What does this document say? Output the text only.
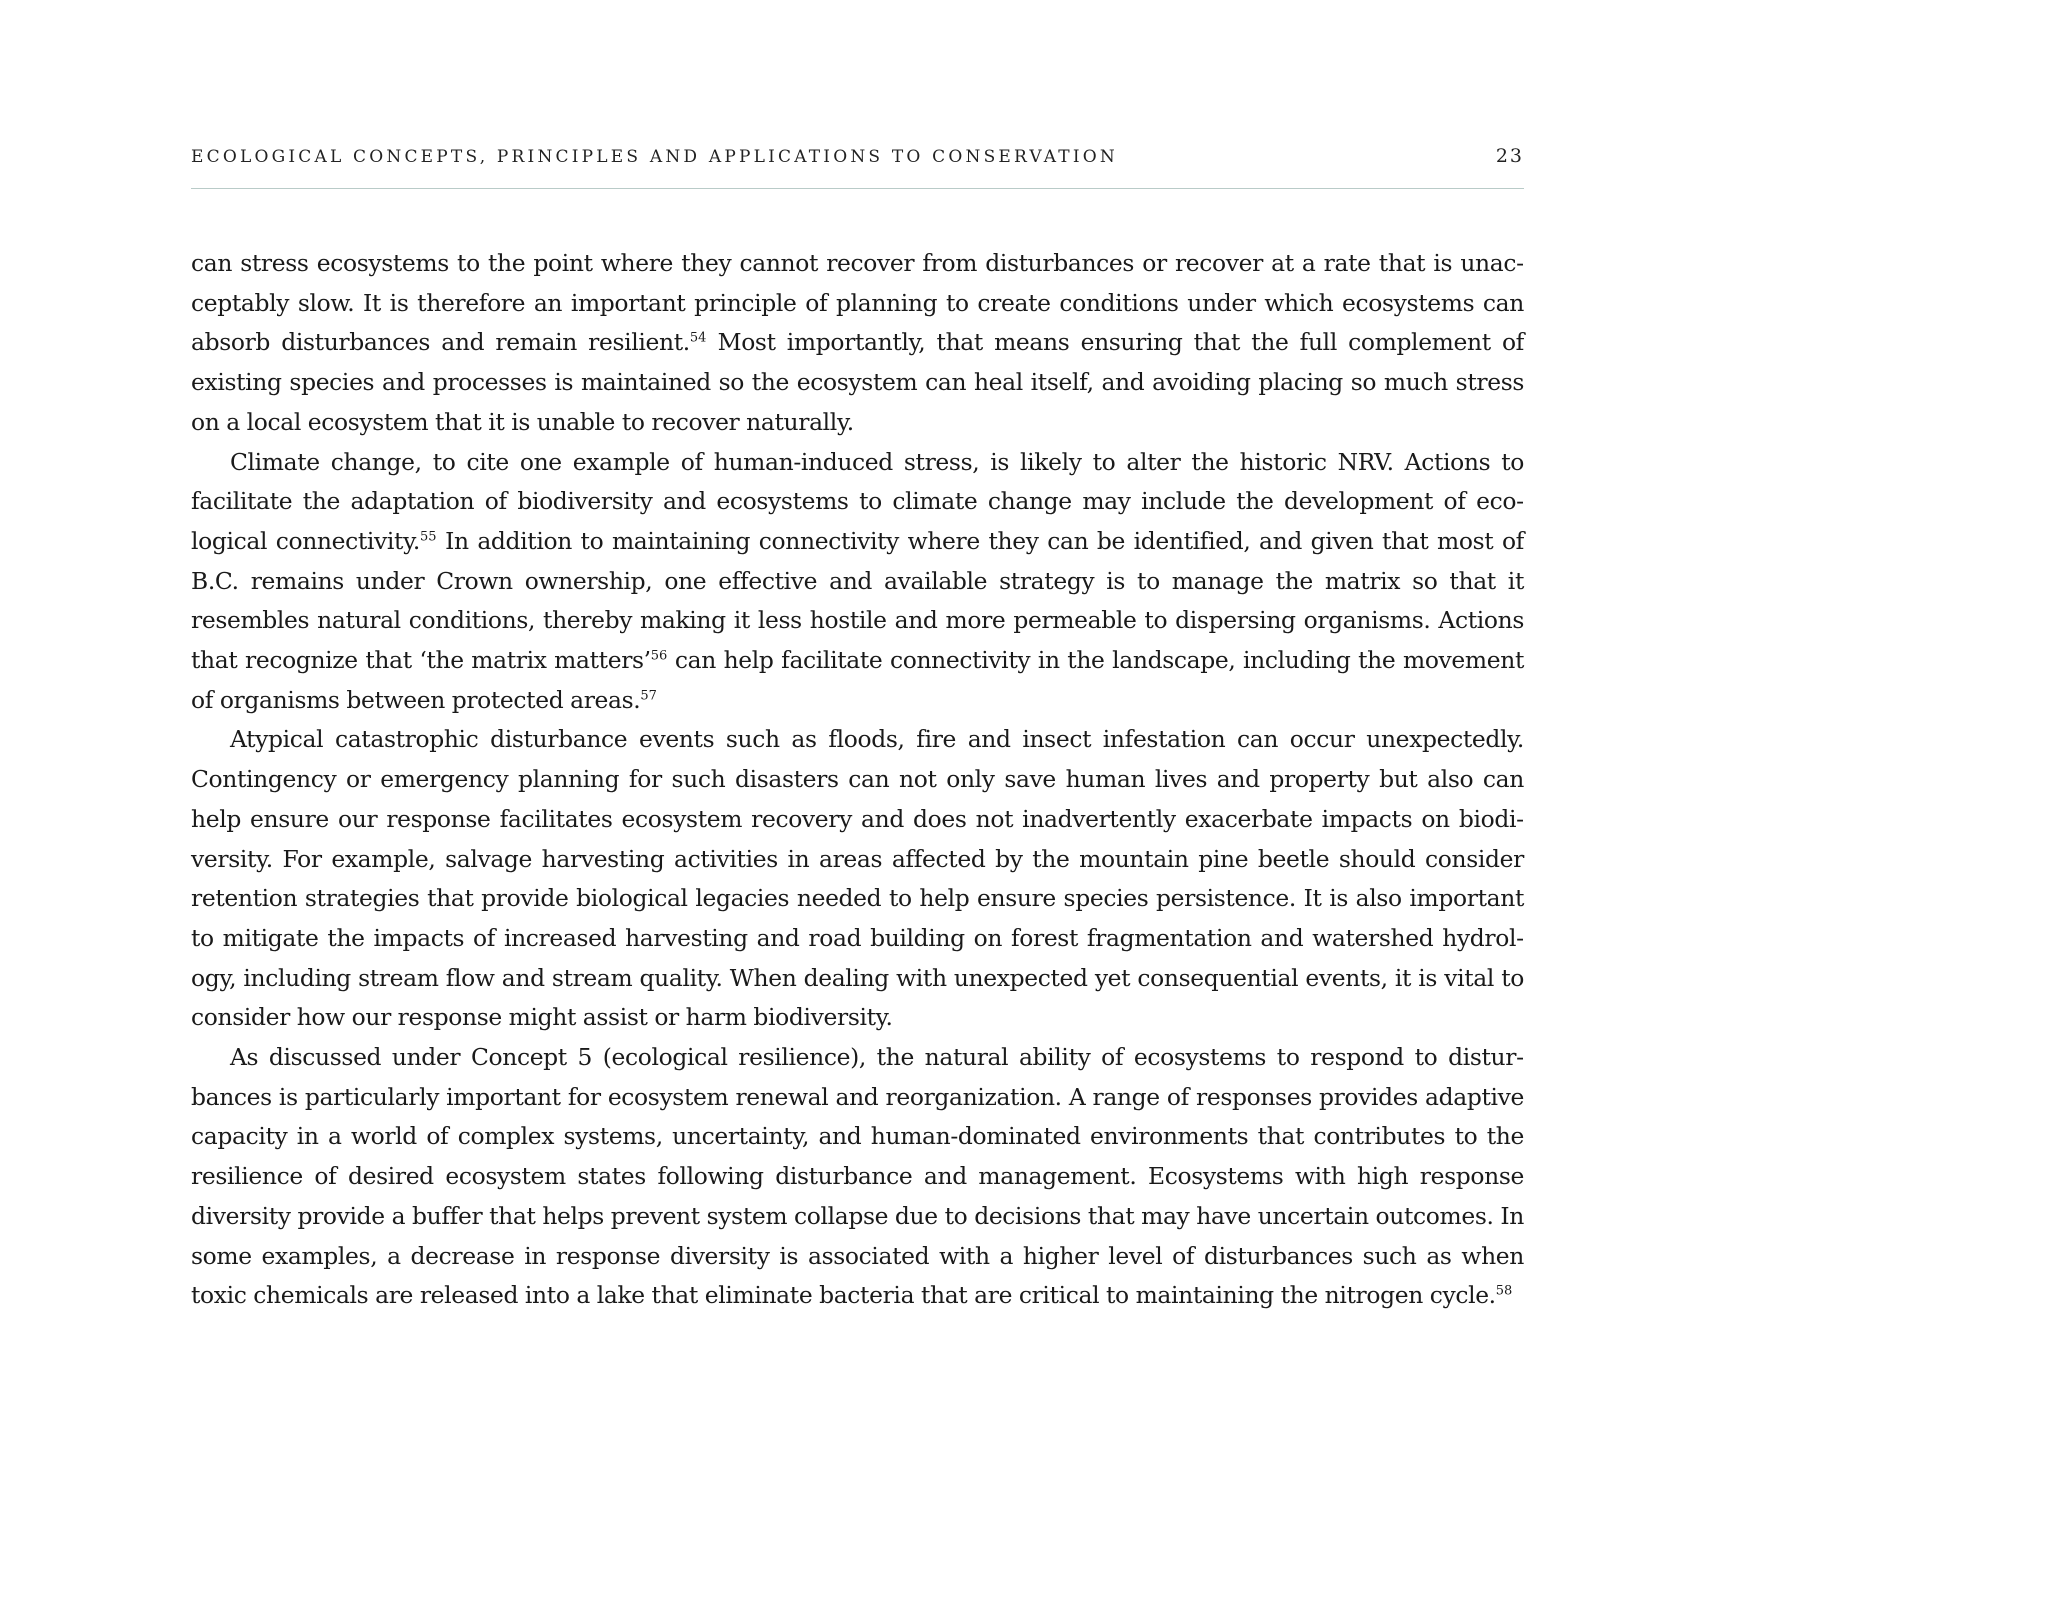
ECOLOGICAL CONCEPTS, PRINCIPLES AND APPLICATIONS TO CONSERVATION	23

can stress ecosystems to the point where they cannot recover from disturbances or recover at a rate that is unacceptably slow. It is therefore an important principle of planning to create conditions under which ecosystems can absorb disturbances and remain resilient.$^{54}$ Most importantly, that means ensuring that the full complement of existing species and processes is maintained so the ecosystem can heal itself, and avoiding placing so much stress on a local ecosystem that it is unable to recover naturally.

Climate change, to cite one example of human-induced stress, is likely to alter the historic NRV. Actions to facilitate the adaptation of biodiversity and ecosystems to climate change may include the development of ecological connectivity.$^{55}$ In addition to maintaining connectivity where they can be identified, and given that most of B.C. remains under Crown ownership, one effective and available strategy is to manage the matrix so that it resembles natural conditions, thereby making it less hostile and more permeable to dispersing organisms. Actions that recognize that ‘the matrix matters’$^{56}$ can help facilitate connectivity in the landscape, including the movement of organisms between protected areas.$^{57}$

Atypical catastrophic disturbance events such as floods, fire and insect infestation can occur unexpectedly. Contingency or emergency planning for such disasters can not only save human lives and property but also can help ensure our response facilitates ecosystem recovery and does not inadvertently exacerbate impacts on biodiversity. For example, salvage harvesting activities in areas affected by the mountain pine beetle should consider retention strategies that provide biological legacies needed to help ensure species persistence. It is also important to mitigate the impacts of increased harvesting and road building on forest fragmentation and watershed hydrology, including stream flow and stream quality. When dealing with unexpected yet consequential events, it is vital to consider how our response might assist or harm biodiversity.

As discussed under Concept 5 (ecological resilience), the natural ability of ecosystems to respond to disturbances is particularly important for ecosystem renewal and reorganization. A range of responses provides adaptive capacity in a world of complex systems, uncertainty, and human-dominated environments that contributes to the resilience of desired ecosystem states following disturbance and management. Ecosystems with high response diversity provide a buffer that helps prevent system collapse due to decisions that may have uncertain outcomes. In some examples, a decrease in response diversity is associated with a higher level of disturbances such as when toxic chemicals are released into a lake that eliminate bacteria that are critical to maintaining the nitrogen cycle.$^{58}$
